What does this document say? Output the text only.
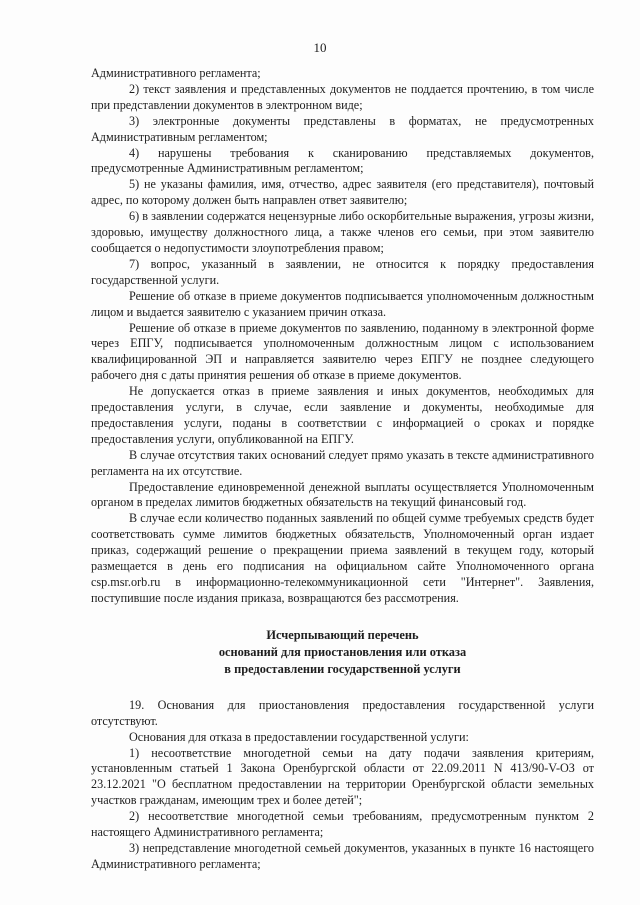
10

Административного регламента;

2) текст заявления и представленных документов не поддается прочтению, в том числе при представлении документов в электронном виде;

3) электронные документы представлены в форматах, не предусмотренных Административным регламентом;

4) нарушены требования к сканированию представляемых документов, предусмотренные Административным регламентом;

5) не указаны фамилия, имя, отчество, адрес заявителя (его представителя), почтовый адрес, по которому должен быть направлен ответ заявителю;

6) в заявлении содержатся нецензурные либо оскорбительные выражения, угрозы жизни, здоровью, имуществу должностного лица, а также членов его семьи, при этом заявителю сообщается о недопустимости злоупотребления правом;

7) вопрос, указанный в заявлении, не относится к порядку предоставления государственной услуги.

Решение об отказе в приеме документов подписывается уполномоченным должностным лицом и выдается заявителю с указанием причин отказа.

Решение об отказе в приеме документов по заявлению, поданному в электронной форме через ЕПГУ, подписывается уполномоченным должностным лицом с использованием квалифицированной ЭП и направляется заявителю через ЕПГУ не позднее следующего рабочего дня с даты принятия решения об отказе в приеме документов.

Не допускается отказ в приеме заявления и иных документов, необходимых для предоставления услуги, в случае, если заявление и документы, необходимые для предоставления услуги, поданы в соответствии с информацией о сроках и порядке предоставления услуги, опубликованной на ЕПГУ.

В случае отсутствия таких оснований следует прямо указать в тексте административного регламента на их отсутствие.

Предоставление единовременной денежной выплаты осуществляется Уполномоченным органом в пределах лимитов бюджетных обязательств на текущий финансовый год.

В случае если количество поданных заявлений по общей сумме требуемых средств будет соответствовать сумме лимитов бюджетных обязательств, Уполномоченный орган издает приказ, содержащий решение о прекращении приема заявлений в текущем году, который размещается в день его подписания на официальном сайте Уполномоченного органа csp.msr.orb.ru в информационно-телекоммуникационной сети "Интернет". Заявления, поступившие после издания приказа, возвращаются без рассмотрения.

Исчерпывающий перечень
оснований для приостановления или отказа
в предоставлении государственной услуги

19. Основания для приостановления предоставления государственной услуги отсутствуют.

Основания для отказа в предоставлении государственной услуги:

1) несоответствие многодетной семьи на дату подачи заявления критериям, установленным статьей 1 Закона Оренбургской области от 22.09.2011 N 413/90-V-ОЗ от 23.12.2021 "О бесплатном предоставлении на территории Оренбургской области земельных участков гражданам, имеющим трех и более детей";

2) несоответствие многодетной семьи требованиям, предусмотренным пунктом 2 настоящего Административного регламента;

3) непредставление многодетной семьей документов, указанных в пункте 16 настоящего Административного регламента;
